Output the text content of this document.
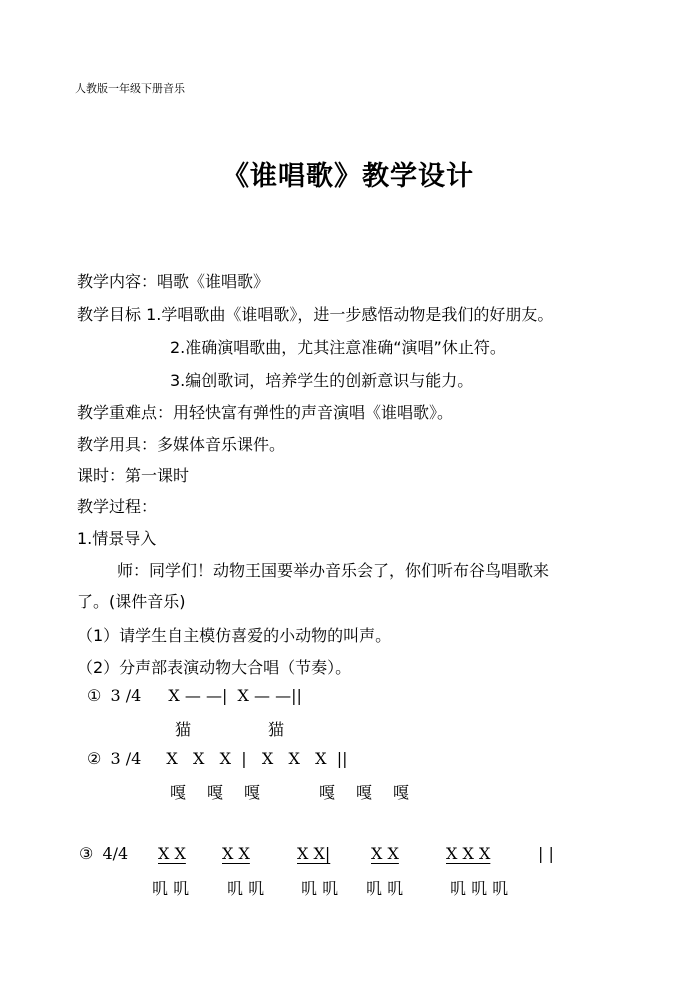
人教版一年级下册音乐
《谁唱歌》教学设计
教学内容：唱歌《谁唱歌》
教学目标 1.学唱歌曲《谁唱歌》，进一步感悟动物是我们的好朋友。
2.准确演唱歌曲，尤其注意准确“演唱”休止符。
3.编创歌词，培养学生的创新意识与能力。
教学重难点：用轻快富有弹性的声音演唱《谁唱歌》。
教学用具：多媒体音乐课件。
课时：第一课时
教学过程：
1.情景导入
师：同学们！动物王国要举办音乐会了，你们听布谷鸟唱歌来
了。(课件音乐)
（1）请学生自主模仿喜爱的小动物的叫声。
（2）分声部表演动物大合唱（节奏）。
① 3 /4 X — —|  X — —||
猫	猫
② 3 /4 X   X   X  |   X   X   X  ||
嘎 嘎 嘎	嘎 嘎 嘎
③ 4/4 X X X X	X X|	X X	X X X	| |
叽 叽 叽 叽 叽 叽 叽 叽	叽 叽 叽
